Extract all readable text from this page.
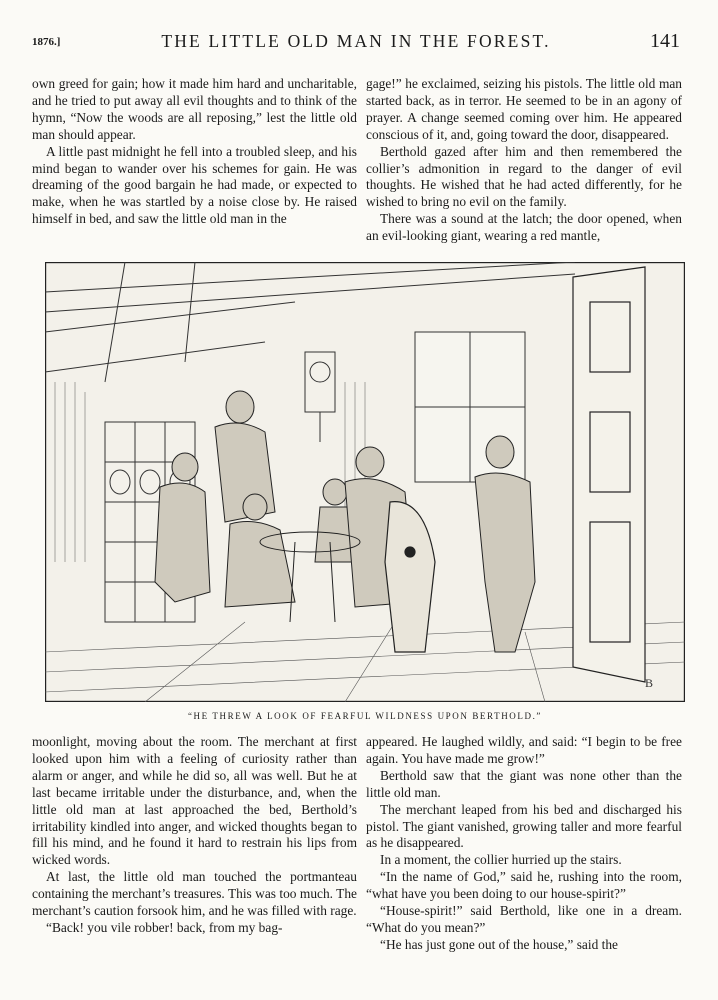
1876.]	THE LITTLE OLD MAN IN THE FOREST.	141

own greed for gain; how it made him hard and uncharitable, and he tried to put away all evil thoughts and to think of the hymn, “Now the woods are all reposing,” lest the little old man should appear.

A little past midnight he fell into a troubled sleep, and his mind began to wander over his schemes for gain. He was dreaming of the good bargain he had made, or expected to make, when he was startled by a noise close by. He raised himself in bed, and saw the little old man in the

gage!” he exclaimed, seizing his pistols. The little old man started back, as in terror. He seemed to be in an agony of prayer. A change seemed coming over him. He appeared conscious of it, and, going toward the door, disappeared.

Berthold gazed after him and then remembered the collier’s admonition in regard to the danger of evil thoughts. He wished that he had acted differently, for he wished to bring no evil on the family.

There was a sound at the latch; the door opened, when an evil-looking giant, wearing a red mantle,

B
“HE THREW A LOOK OF FEARFUL WILDNESS UPON BERTHOLD.”

moonlight, moving about the room. The merchant at first looked upon him with a feeling of curiosity rather than alarm or anger, and while he did so, all was well. But he at last became irritable under the disturbance, and, when the little old man at last approached the bed, Berthold’s irritability kindled into anger, and wicked thoughts began to fill his mind, and he found it hard to restrain his lips from wicked words.

At last, the little old man touched the portmanteau containing the merchant’s treasures. This was too much. The merchant’s caution forsook him, and he was filled with rage.

“Back! you vile robber! back, from my bag-

appeared. He laughed wildly, and said: “I begin to be free again. You have made me grow!”

Berthold saw that the giant was none other than the little old man.

The merchant leaped from his bed and discharged his pistol. The giant vanished, growing taller and more fearful as he disappeared.

In a moment, the collier hurried up the stairs.

“In the name of God,” said he, rushing into the room, “what have you been doing to our house-spirit?”

“House-spirit!” said Berthold, like one in a dream. “What do you mean?”

“He has just gone out of the house,” said the
